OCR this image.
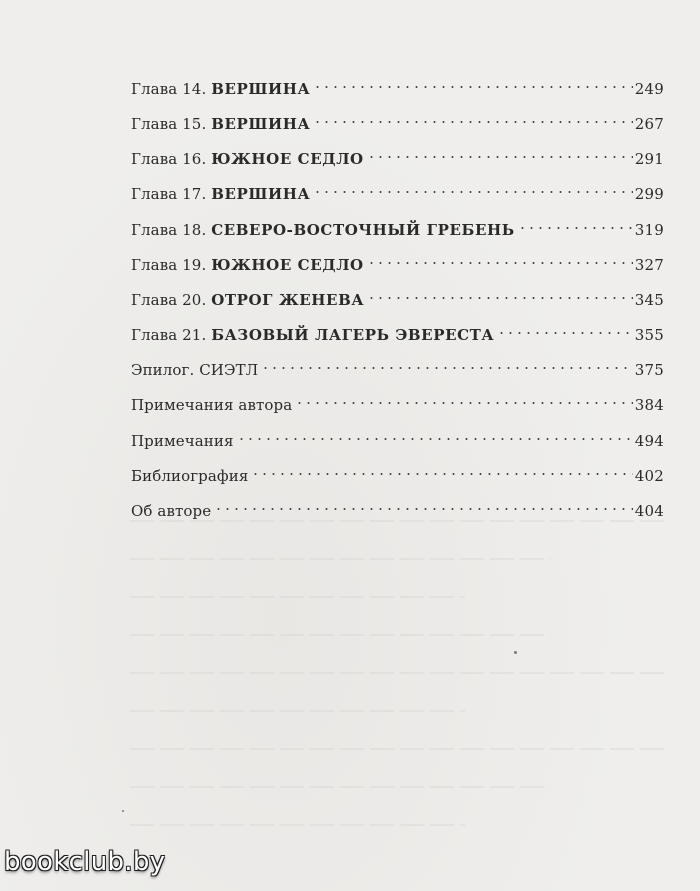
Глава 14. ВЕРШИНА	249
Глава 15. ВЕРШИНА	267
Глава 16. ЮЖНОЕ СЕДЛО	291
Глава 17. ВЕРШИНА	299
Глава 18. СЕВЕРО-ВОСТОЧНЫЙ ГРЕБЕНЬ	319
Глава 19. ЮЖНОЕ СЕДЛО	327
Глава 20. ОТРОГ ЖЕНЕВА	345
Глава 21. БАЗОВЫЙ ЛАГЕРЬ ЭВЕРЕСТА	355
Эпилог. СИЭТЛ	375
Примечания автора	384
Примечания	494
Библиография	402
Об авторе	404
bookclub.by
